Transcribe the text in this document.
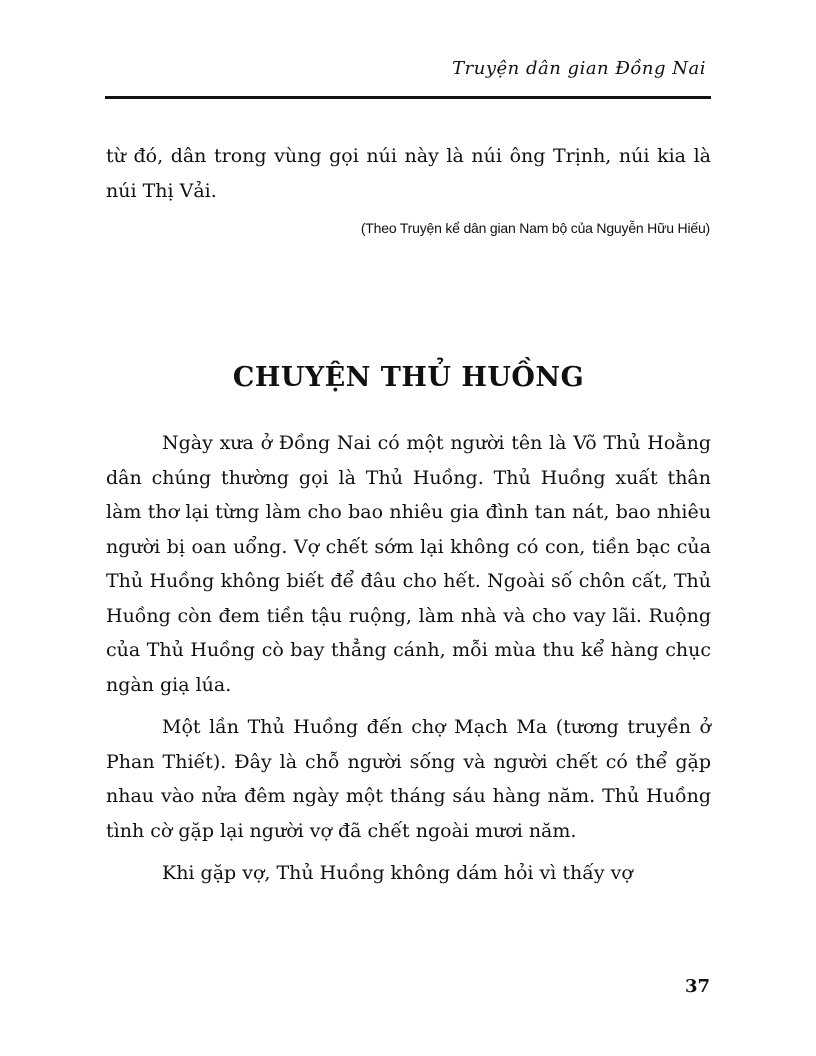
Truyện dân gian Đồng Nai
từ đó, dân trong vùng gọi núi này là núi ông Trịnh, núi kia là núi Thị Vải.
(Theo Truyện kể dân gian Nam bộ của Nguyễn Hữu Hiếu)
CHUYỆN THỦ HUỒNG

Ngày xưa ở Đồng Nai có một người tên là Võ Thủ Hoằng dân chúng thường gọi là Thủ Huồng. Thủ Huồng xuất thân làm thơ lại từng làm cho bao nhiêu gia đình tan nát, bao nhiêu người bị oan uổng. Vợ chết sớm lại không có con, tiền bạc của Thủ Huồng không biết để đâu cho hết. Ngoài số chôn cất, Thủ Huồng còn đem tiền tậu ruộng, làm nhà và cho vay lãi. Ruộng của Thủ Huồng cò bay thẳng cánh, mỗi mùa thu kể hàng chục ngàn giạ lúa.

Một lần Thủ Huồng đến chợ Mạch Ma (tương truyền ở Phan Thiết). Đây là chỗ người sống và người chết có thể gặp nhau vào nửa đêm ngày một tháng sáu hàng năm. Thủ Huồng tình cờ gặp lại người vợ đã chết ngoài mươi năm.

Khi gặp vợ, Thủ Huồng không dám hỏi vì thấy vợ

37
